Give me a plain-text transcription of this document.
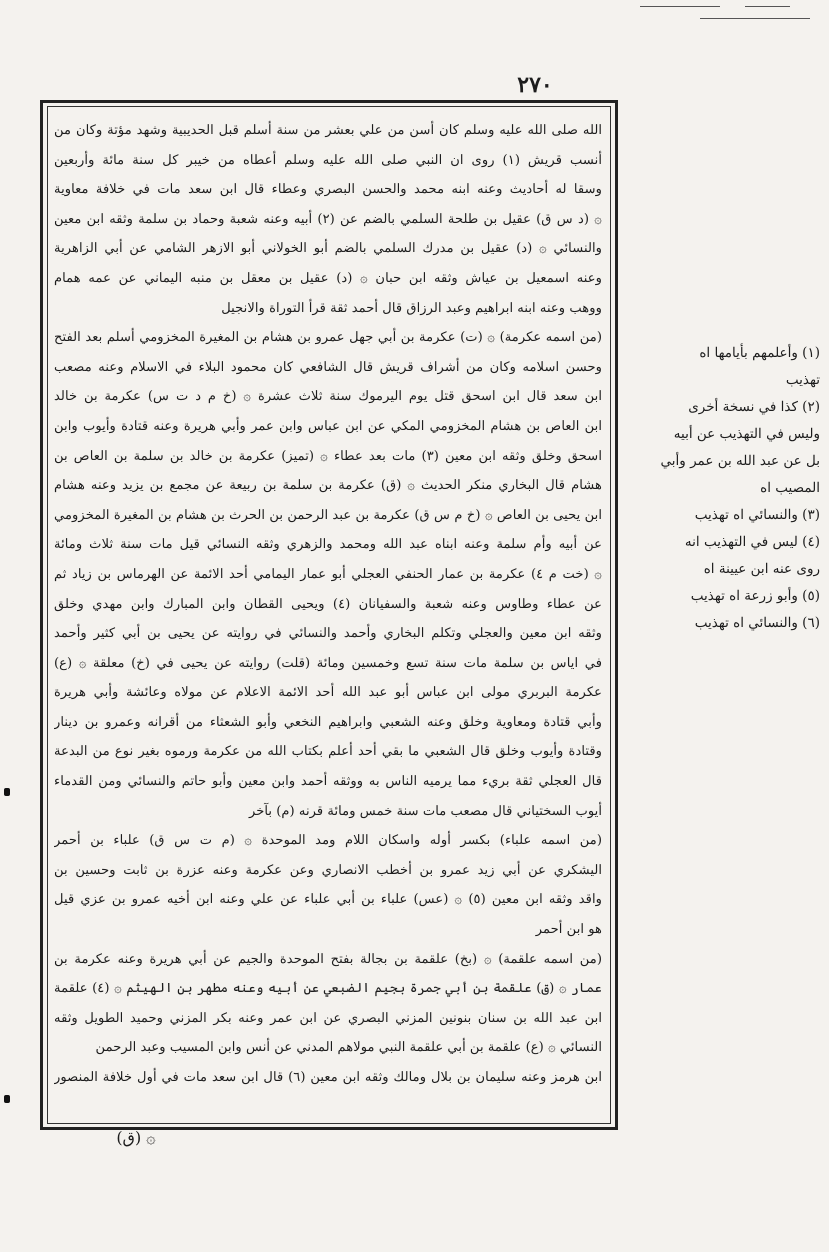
٢٧٠
الله صلى الله عليه وسلم كان أسن من علي بعشر من سنة أسلم قبل الحديبية وشهد مؤتة وكان من
أنسب قريش (١) روى ان النبي صلى الله عليه وسلم أعطاه من خيبر كل سنة مائة وأربعين
وسقا له أحاديث وعنه ابنه محمد والحسن البصري وعطاء قال ابن سعد مات في خلافة معاوية
۞ (د س ق) عقيل بن طلحة السلمي بالضم عن (٢) أبيه وعنه شعبة وحماد بن سلمة وثقه ابن معين
والنسائي ۞ (د) عقيل بن مدرك السلمي بالضم أبو الخولاني أبو الازهر الشامي عن أبي الزاهرية
وعنه اسمعيل بن عياش وثقه ابن حبان ۞ (د) عقيل بن معقل بن منبه اليماني عن عمه همام
ووهب وعنه ابنه ابراهيم وعبد الرزاق قال أحمد ثقة قرأ التوراة والانجيل
(من اسمه عكرمة) ۞ (ت) عكرمة بن أبي جهل عمرو بن هشام بن المغيرة المخزومي أسلم بعد الفتح
وحسن اسلامه وكان من أشراف قريش قال الشافعي كان محمود البلاء في الاسلام وعنه مصعب
ابن سعد قال ابن اسحق قتل يوم اليرموك سنة ثلاث عشرة ۞ (خ م د ت س) عكرمة بن خالد
ابن العاص بن هشام المخزومي المكي عن ابن عباس وابن عمر وأبي هريرة وعنه قتادة وأيوب وابن
اسحق وخلق وثقه ابن معين (٣) مات بعد عطاء ۞ (تميز) عكرمة بن خالد بن سلمة بن العاص بن
هشام قال البخاري منكر الحديث ۞ (ق) عكرمة بن سلمة بن ربيعة عن مجمع بن يزيد وعنه هشام
ابن يحيى بن العاص ۞ (خ م س ق) عكرمة بن عبد الرحمن بن الحرث بن هشام بن المغيرة المخزومي
عن أبيه وأم سلمة وعنه ابناه عبد الله ومحمد والزهري وثقه النسائي قيل مات سنة ثلاث ومائة
۞ (خت م ٤) عكرمة بن عمار الحنفي العجلي أبو عمار اليمامي أحد الائمة عن الهرماس بن زياد ثم
عن عطاء وطاوس وعنه شعبة والسفيانان (٤) ويحيى القطان وابن المبارك وابن مهدي وخلق
وثقه ابن معين والعجلي وتكلم البخاري وأحمد والنسائي في روايته عن يحيى بن أبي كثير وأحمد
في اياس بن سلمة مات سنة تسع وخمسين ومائة (قلت) روايته عن يحيى في (خ) معلقة ۞ (ع)
عكرمة البربري مولى ابن عباس أبو عبد الله أحد الائمة الاعلام عن مولاه وعائشة وأبي هريرة
وأبي قتادة ومعاوية وخلق وعنه الشعبي وابراهيم النخعي وأبو الشعثاء من أقرانه وعمرو بن دينار
وقتادة وأيوب وخلق قال الشعبي ما بقي أحد أعلم بكتاب الله من عكرمة ورموه بغير نوع من البدعة
قال العجلي ثقة بريء مما يرميه الناس به ووثقه أحمد وابن معين وأبو حاتم والنسائي ومن القدماء
أيوب السختياني قال مصعب مات سنة خمس ومائة قرنه (م) بآخر
(من اسمه علباء) بكسر أوله واسكان اللام ومد الموحدة ۞ (م ت س ق) علباء بن أحمر
اليشكري عن أبي زيد عمرو بن أخطب الانصاري وعن عكرمة وعنه عزرة بن ثابت وحسين بن
واقد وثقه ابن معين (٥) ۞ (عس) علباء بن أبي علباء عن علي وعنه ابن أخيه عمرو بن عزي قيل
هو ابن أحمر
(من اسمه علقمة) ۞ (بخ) علقمة بن بجالة بفتح الموحدة والجيم عن أبي هريرة وعنه عكرمة بن
عمار ۞ (ق) علقمة بن أبي جمرة بجيم الضبعي عن أبيه وعنه مطهر بن الهيثم ۞ (٤) علقمة
ابن عبد الله بن سنان بنونين المزني البصري عن ابن عمر وعنه بكر المزني وحميد الطويل وثقه
النسائي ۞ (ع) علقمة بن أبي علقمة النبي مولاهم المدني عن أنس وابن المسيب وعبد الرحمن
ابن هرمز وعنه سليمان بن بلال ومالك وثقه ابن معين (٦) قال ابن سعد مات في أول خلافة المنصور
(١) وأعلمهم بأيامها اه
تهذيب
(٢) كذا في نسخة أخرى
وليس في التهذيب عن أبيه
بل عن عبد الله بن عمر وأبي
المصيب اه
(٣) والنسائي اه تهذيب
(٤) ليس في التهذيب انه
روى عنه ابن عيينة اه
(٥) وأبو زرعة اه تهذيب
(٦) والنسائي اه تهذيب
۞ (ق)
